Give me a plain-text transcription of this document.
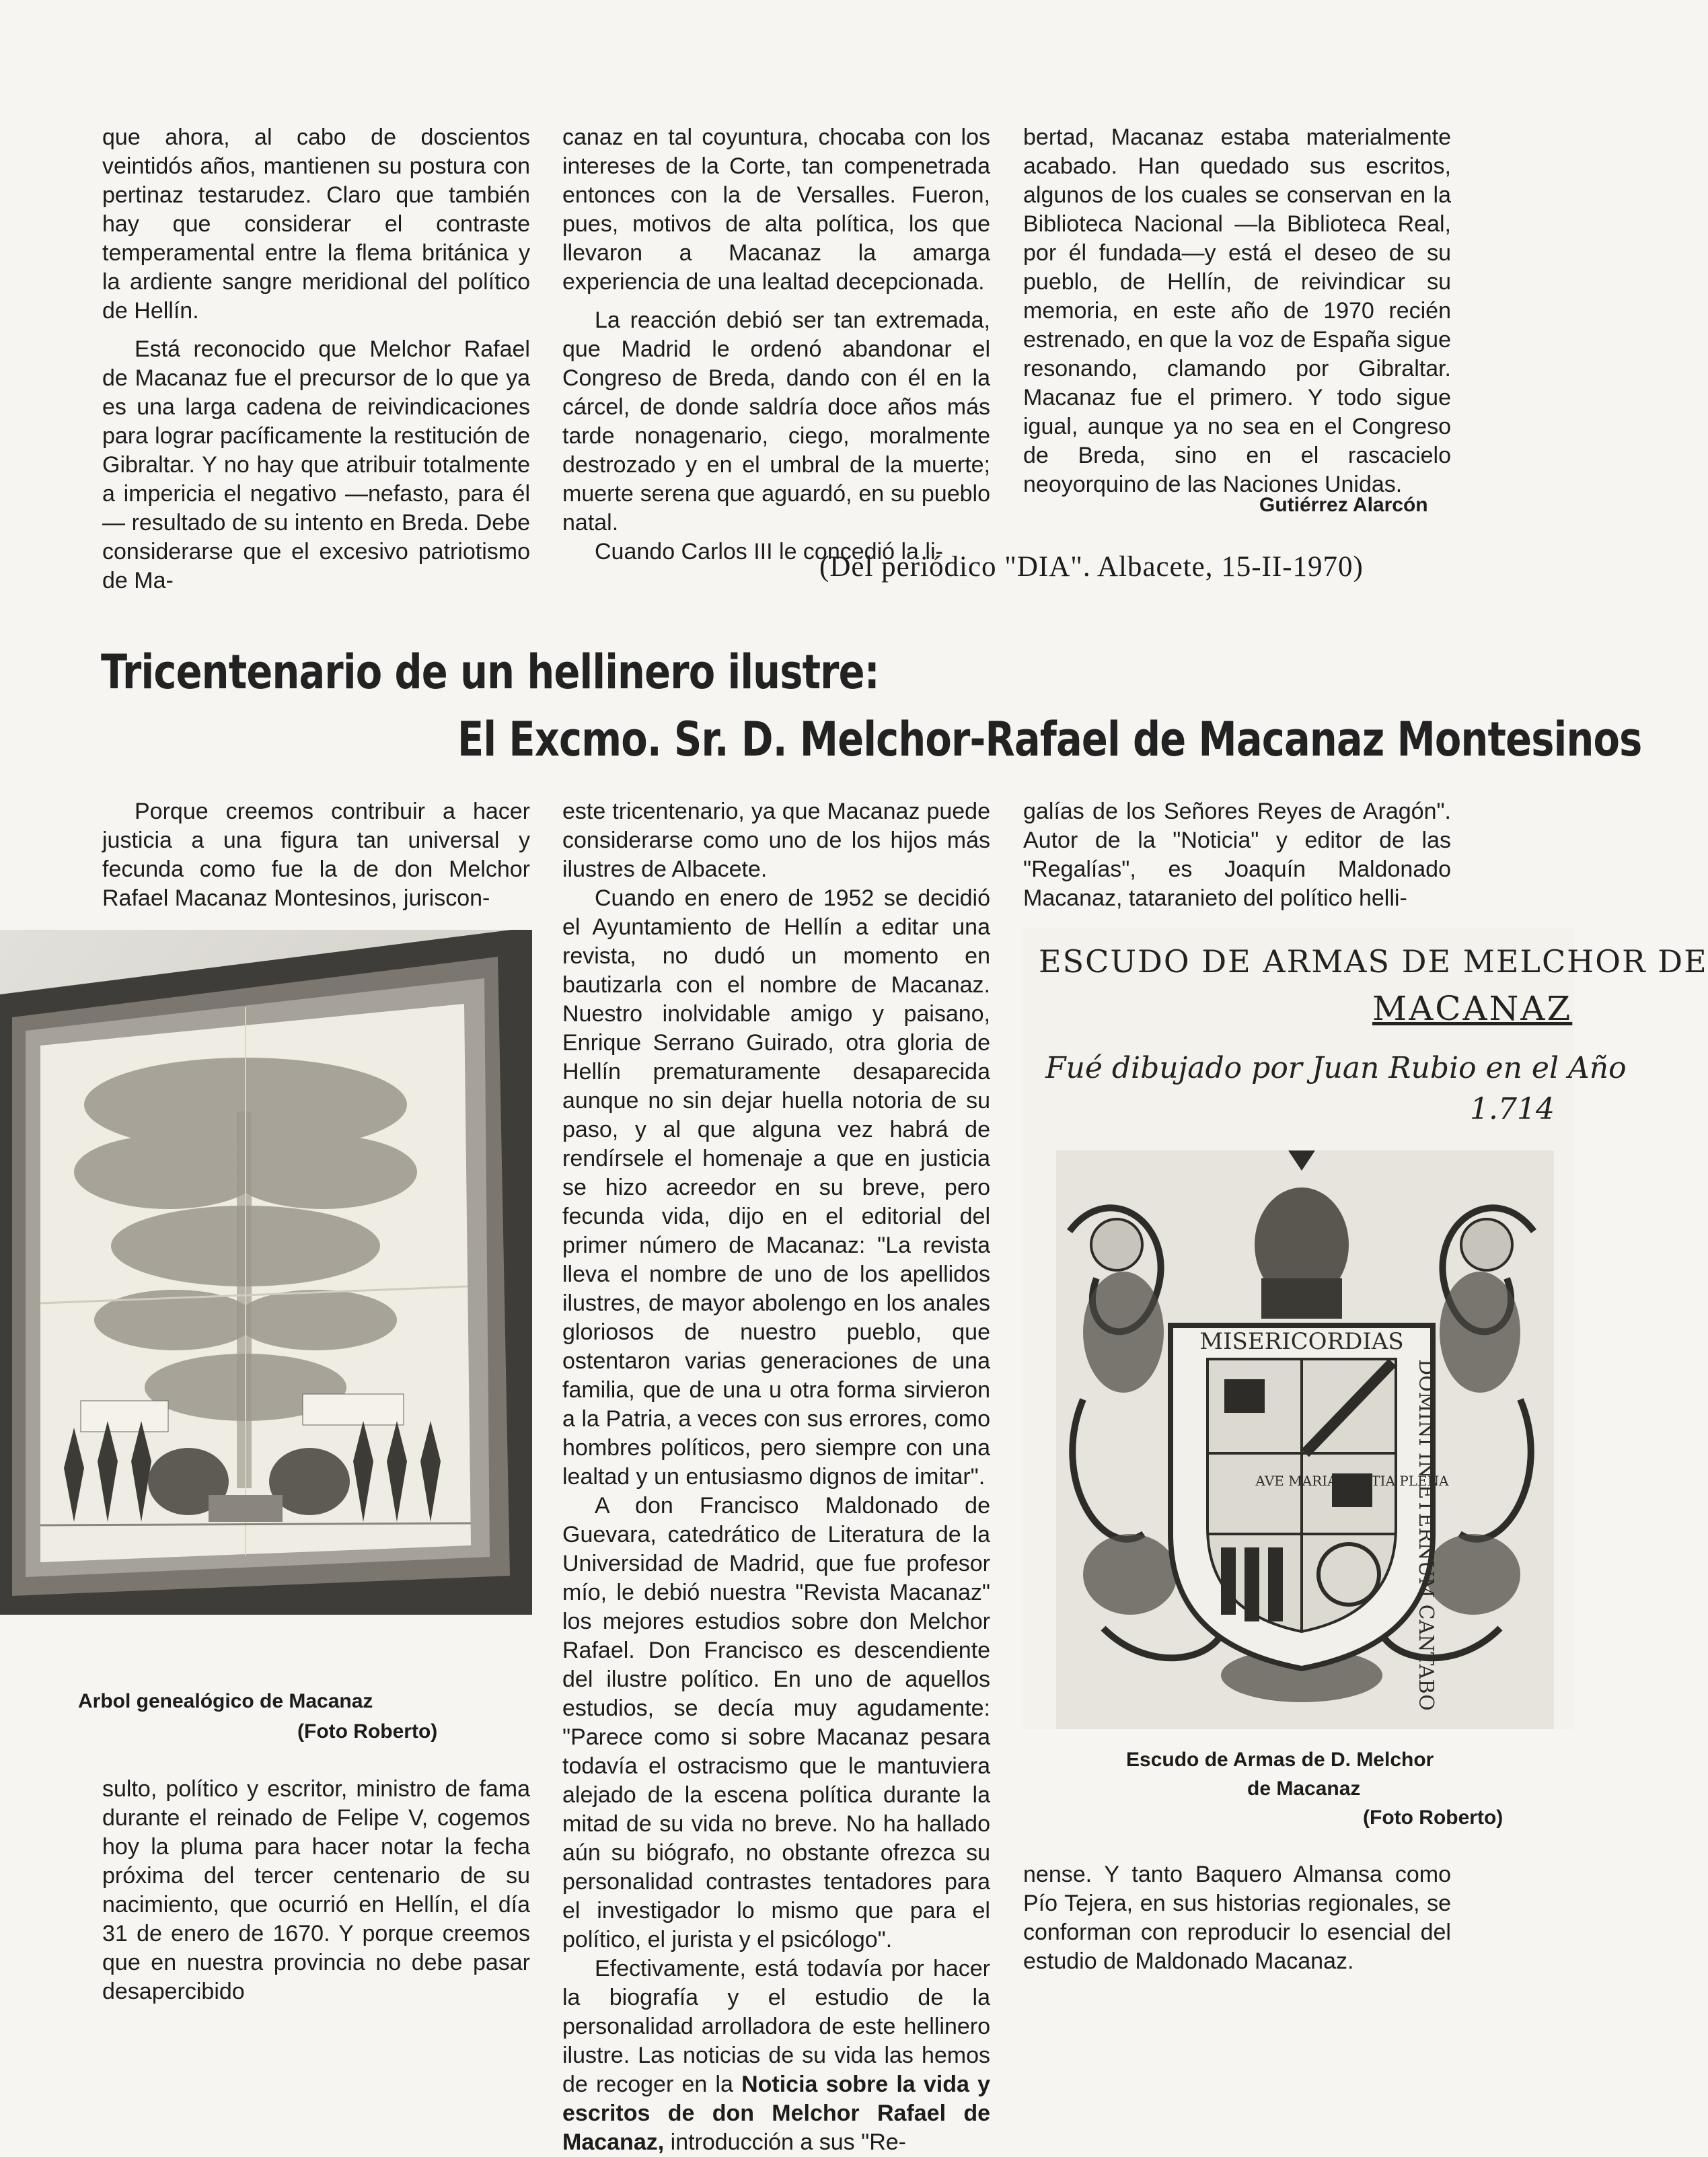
que ahora, al cabo de doscientos veintidós años, mantienen su postura con pertinaz testarudez. Claro que también hay que considerar el contraste temperamental entre la flema británica y la ardiente sangre meridional del político de Hellín.

Está reconocido que Melchor Rafael de Macanaz fue el precursor de lo que ya es una larga cadena de reivindicaciones para lograr pacíficamente la restitución de Gibraltar. Y no hay que atribuir totalmente a impericia el negativo —nefasto, para él— resultado de su intento en Breda. Debe considerarse que el excesivo patriotismo de Ma-

canaz en tal coyuntura, chocaba con los intereses de la Corte, tan compenetrada entonces con la de Versalles. Fueron, pues, motivos de alta política, los que llevaron a Macanaz la amarga experiencia de una lealtad decepcionada.

La reacción debió ser tan extremada, que Madrid le ordenó abandonar el Congreso de Breda, dando con él en la cárcel, de donde saldría doce años más tarde nonagenario, ciego, moralmente destrozado y en el umbral de la muerte; muerte serena que aguardó, en su pueblo natal.

Cuando Carlos III le concedió la li-

bertad, Macanaz estaba materialmente acabado. Han quedado sus escritos, algunos de los cuales se conservan en la Biblioteca Nacional —la Biblioteca Real, por él fundada—y está el deseo de su pueblo, de Hellín, de reivindicar su memoria, en este año de 1970 recién estrenado, en que la voz de España sigue resonando, clamando por Gibraltar. Macanaz fue el primero. Y todo sigue igual, aunque ya no sea en el Congreso de Breda, sino en el rascacielo neoyorquino de las Naciones Unidas.

Gutiérrez Alarcón
(Del periódico "DIA". Albacete, 15-II-1970)
Tricentenario de un hellinero ilustre:
El Excmo. Sr. D. Melchor-Rafael de Macanaz Montesinos
Porque creemos contribuir a hacer justicia a una figura tan universal y fecunda como fue la de don Melchor Rafael Macanaz Montesinos, juriscon-
Arbol genealógico de Macanaz
(Foto Roberto)
sulto, político y escritor, ministro de fama durante el reinado de Felipe V, cogemos hoy la pluma para hacer notar la fecha próxima del tercer centenario de su nacimiento, que ocurrió en Hellín, el día 31 de enero de 1670. Y porque creemos que en nuestra provincia no debe pasar desapercibido

este tricentenario, ya que Macanaz puede considerarse como uno de los hijos más ilustres de Albacete.

Cuando en enero de 1952 se decidió el Ayuntamiento de Hellín a editar una revista, no dudó un momento en bautizarla con el nombre de Macanaz. Nuestro inolvidable amigo y paisano, Enrique Serrano Guirado, otra gloria de Hellín prematuramente desaparecida aunque no sin dejar huella notoria de su paso, y al que alguna vez habrá de rendírsele el homenaje a que en justicia se hizo acreedor en su breve, pero fecunda vida, dijo en el editorial del primer número de Macanaz: "La revista lleva el nombre de uno de los apellidos ilustres, de mayor abolengo en los anales gloriosos de nuestro pueblo, que ostentaron varias generaciones de una familia, que de una u otra forma sirvieron a la Patria, a veces con sus errores, como hombres políticos, pero siempre con una lealtad y un entusiasmo dignos de imitar".

A don Francisco Maldonado de Guevara, catedrático de Literatura de la Universidad de Madrid, que fue profesor mío, le debió nuestra "Revista Macanaz" los mejores estudios sobre don Melchor Rafael. Don Francisco es descendiente del ilustre político. En uno de aquellos estudios, se decía muy agudamente: "Parece como si sobre Macanaz pesara todavía el ostracismo que le mantuviera alejado de la escena política durante la mitad de su vida no breve. No ha hallado aún su biógrafo, no obstante ofrezca su personalidad contrastes tentadores para el investigador lo mismo que para el político, el jurista y el psicólogo".

Efectivamente, está todavía por hacer la biografía y el estudio de la personalidad arrolladora de este hellinero ilustre. Las noticias de su vida las hemos de recoger en la Noticia sobre la vida y escritos de don Melchor Rafael de Macanaz, introducción a sus "Re-

galías de los Señores Reyes de Aragón". Autor de la "Noticia" y editor de las "Regalías", es Joaquín Maldonado Macanaz, tataranieto del político helli-
ESCUDO DE ARMAS DE MELCHOR DE
MACANAZ
Fué dibujado por Juan Rubio en el Año
1.714
MISERICORDIAS
AVE MARIA GRATIA PLENA
DOMINI IN ETERNUM CANTABO
Escudo de Armas de D. Melchor
de Macanaz
(Foto Roberto)
nense. Y tanto Baquero Almansa como Pío Tejera, en sus historias regionales, se conforman con reproducir lo esencial del estudio de Maldonado Macanaz.
